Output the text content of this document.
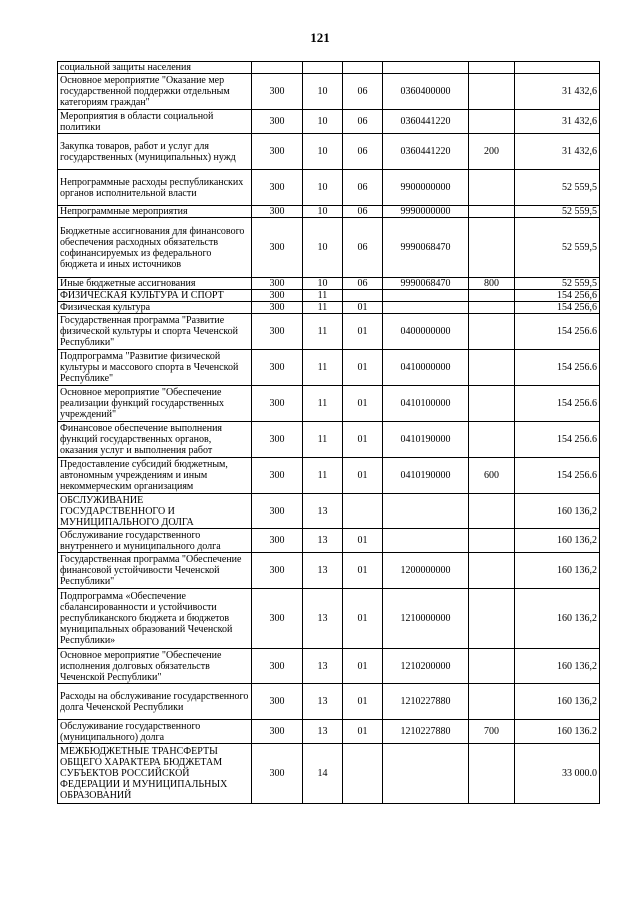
121
социальной защиты населения						
Основное мероприятие "Оказание мер государственной поддержки отдельным категориям граждан"	300	10	06	0360400000		31 432,6
Мероприятия в области социальной политики	300	10	06	0360441220		31 432,6
Закупка товаров, работ и услуг для государственных (муниципальных) нужд	300	10	06	0360441220	200	31 432,6
Непрограммные расходы республиканских органов исполнительной власти	300	10	06	9900000000		52 559,5
Непрограммные мероприятия	300	10	06	9990000000		52 559,5
Бюджетные ассигнования для финансового обеспечения расходных обязательств софинансируемых из федерального бюджета и иных источников	300	10	06	9990068470		52 559,5
Иные бюджетные ассигнования	300	10	06	9990068470	800	52 559,5
ФИЗИЧЕСКАЯ КУЛЬТУРА И СПОРТ	300	11				154 256,6
Физическая культура	300	11	01			154 256,6
Государственная программа "Развитие физической культуры и спорта Чеченской Республики"	300	11	01	0400000000		154 256.6
Подпрограмма "Развитие физической культуры и массового спорта в Чеченской Республике"	300	11	01	0410000000		154 256.6
Основное мероприятие "Обеспечение реализации функций государственных учреждений"	300	11	01	0410100000		154 256.6
Финансовое обеспечение выполнения функций государственных органов, оказания услуг и выполнения работ	300	11	01	0410190000		154 256.6
Предоставление субсидий бюджетным, автономным учреждениям и иным некоммерческим организациям	300	11	01	0410190000	600	154 256.6
ОБСЛУЖИВАНИЕ ГОСУДАРСТВЕННОГО И МУНИЦИПАЛЬНОГО ДОЛГА	300	13				160 136,2
Обслуживание государственного внутреннего и муниципального долга	300	13	01			160 136,2
Государственная программа "Обеспечение финансовой устойчивости Чеченской Республики"	300	13	01	1200000000		160 136,2
Подпрограмма «Обеспечение сбалансированности и устойчивости республиканского бюджета и бюджетов муниципальных образований Чеченской Республики»	300	13	01	1210000000		160 136,2
Основное мероприятие "Обеспечение исполнения долговых обязательств Чеченской Республики"	300	13	01	1210200000		160 136,2
Расходы на обслуживание государственного долга Чеченской Республики	300	13	01	1210227880		160 136,2
Обслуживание государственного (муниципального) долга	300	13	01	1210227880	700	160 136.2
МЕЖБЮДЖЕТНЫЕ ТРАНСФЕРТЫ ОБЩЕГО ХАРАКТЕРА БЮДЖЕТАМ СУБЪЕКТОВ РОССИЙСКОЙ ФЕДЕРАЦИИ И МУНИЦИПАЛЬНЫХ ОБРАЗОВАНИЙ	300	14				33 000.0
